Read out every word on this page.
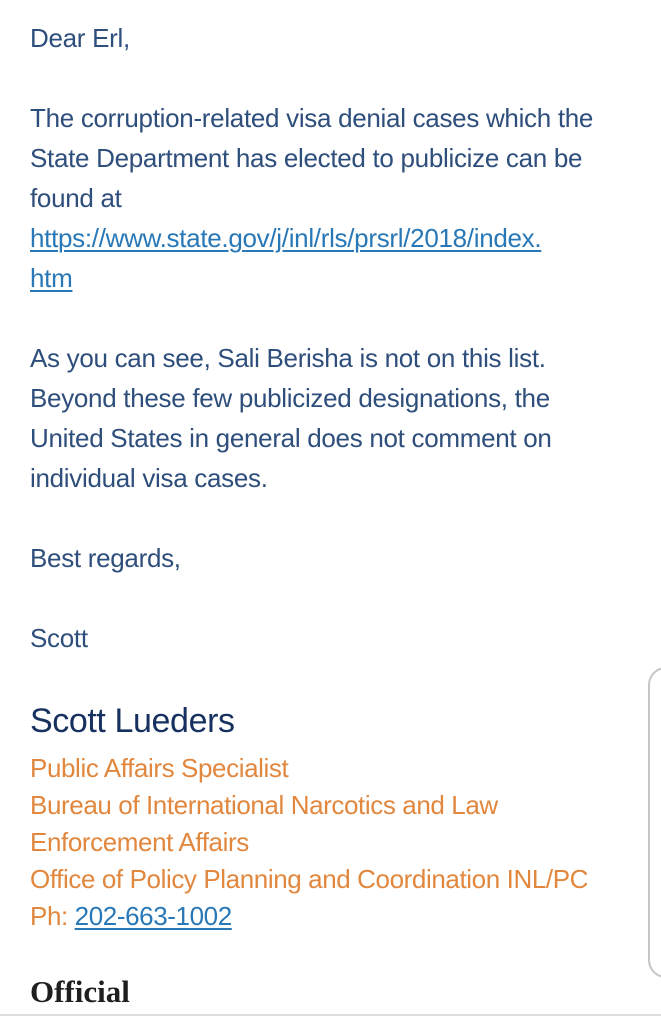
Dear Erl,
The corruption-related visa denial cases which the
State Department has elected to publicize can be
found at
https://www.state.gov/j/inl/rls/prsrl/2018/index.
htm
As you can see, Sali Berisha is not on this list.
Beyond these few publicized designations, the
United States in general does not comment on
individual visa cases.
Best regards,
Scott
Scott Lueders
Public Affairs Specialist
Bureau of International Narcotics and Law
Enforcement Affairs
Office of Policy Planning and Coordination INL/PC
Ph: 202-663-1002
Official
